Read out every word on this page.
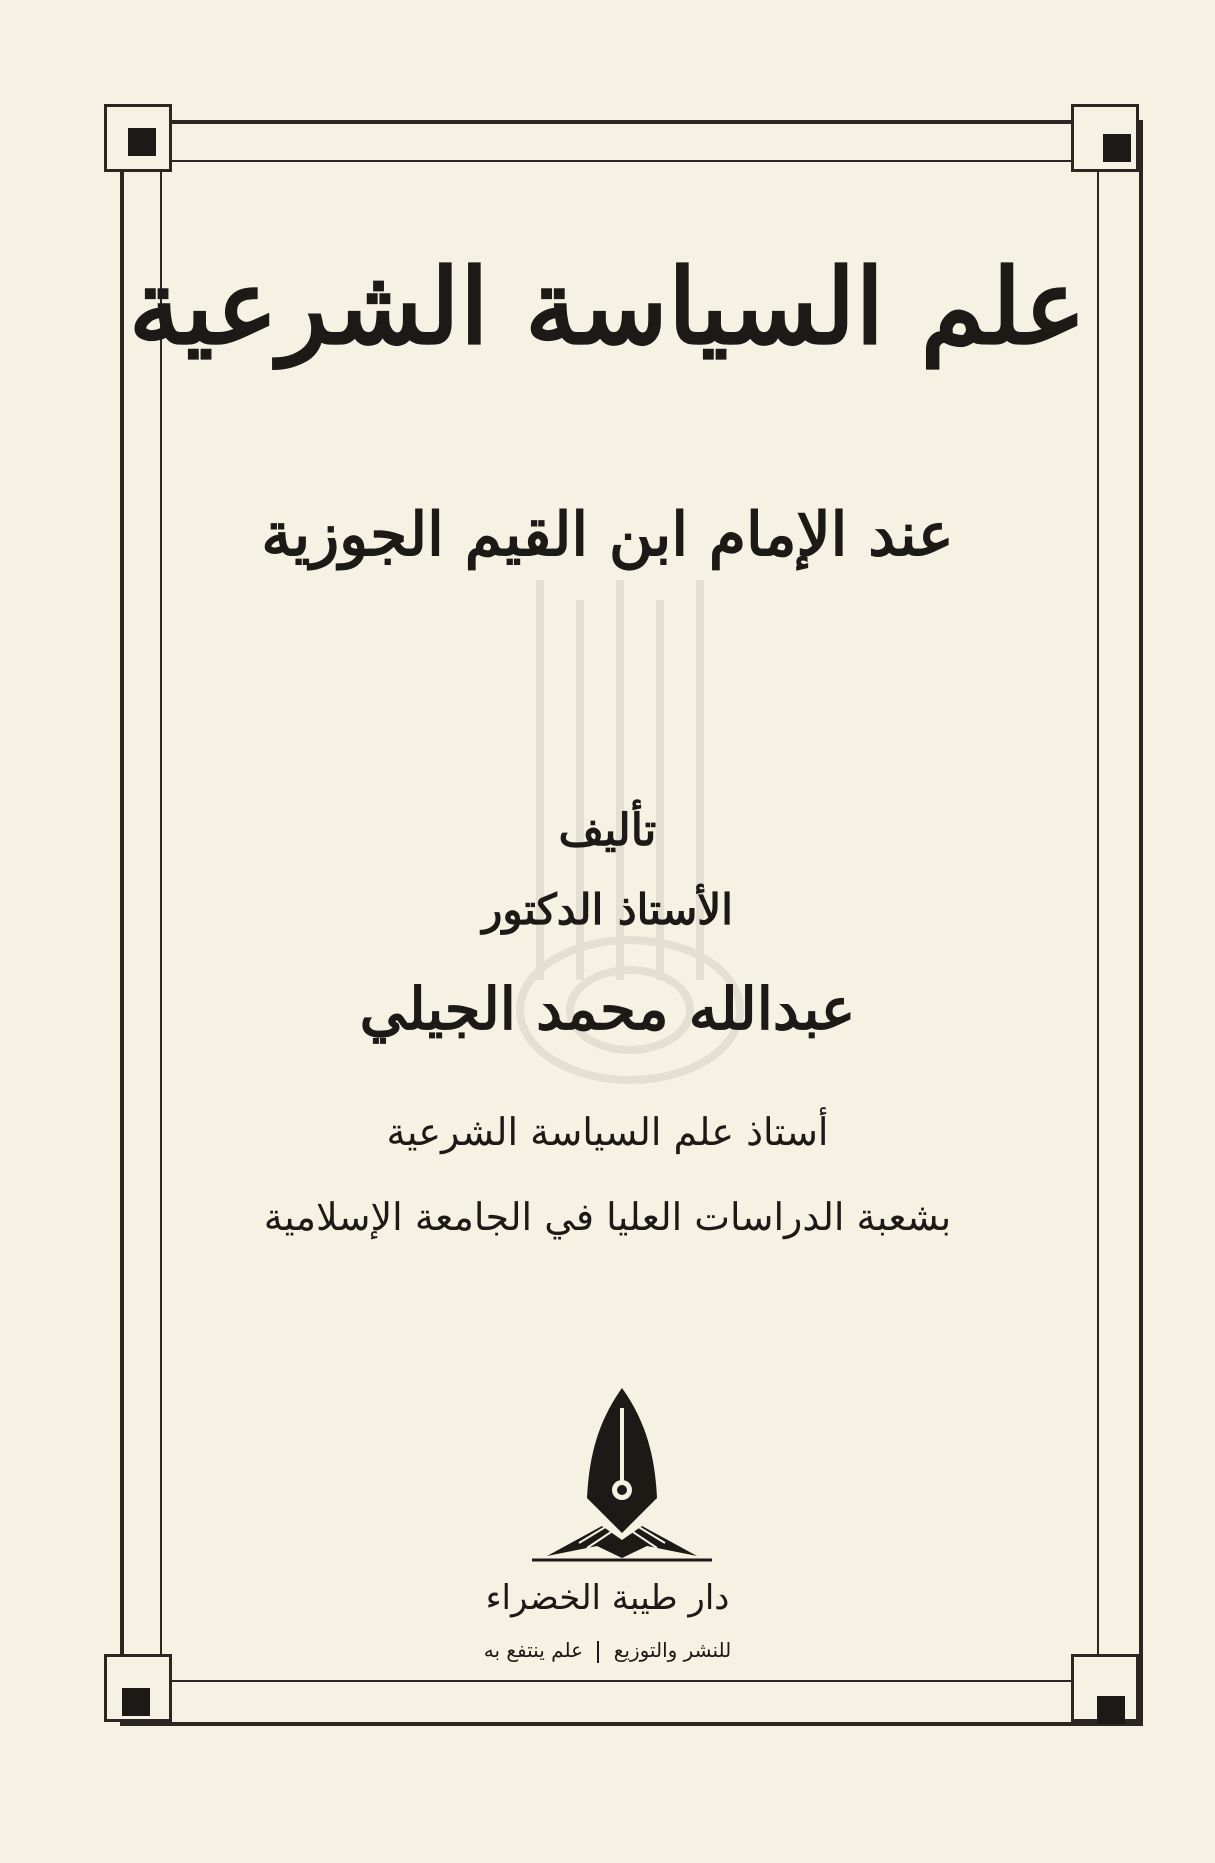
علم السياسة الشرعية
عند الإمام ابن القيم الجوزية
تأليف
الأستاذ الدكتور
عبدالله محمد الجيلي
أستاذ علم السياسة الشرعية
بشعبة الدراسات العليا في الجامعة الإسلامية
دار طيبة الخضراء
للنشر والتوزيع  علم ينتفع به
